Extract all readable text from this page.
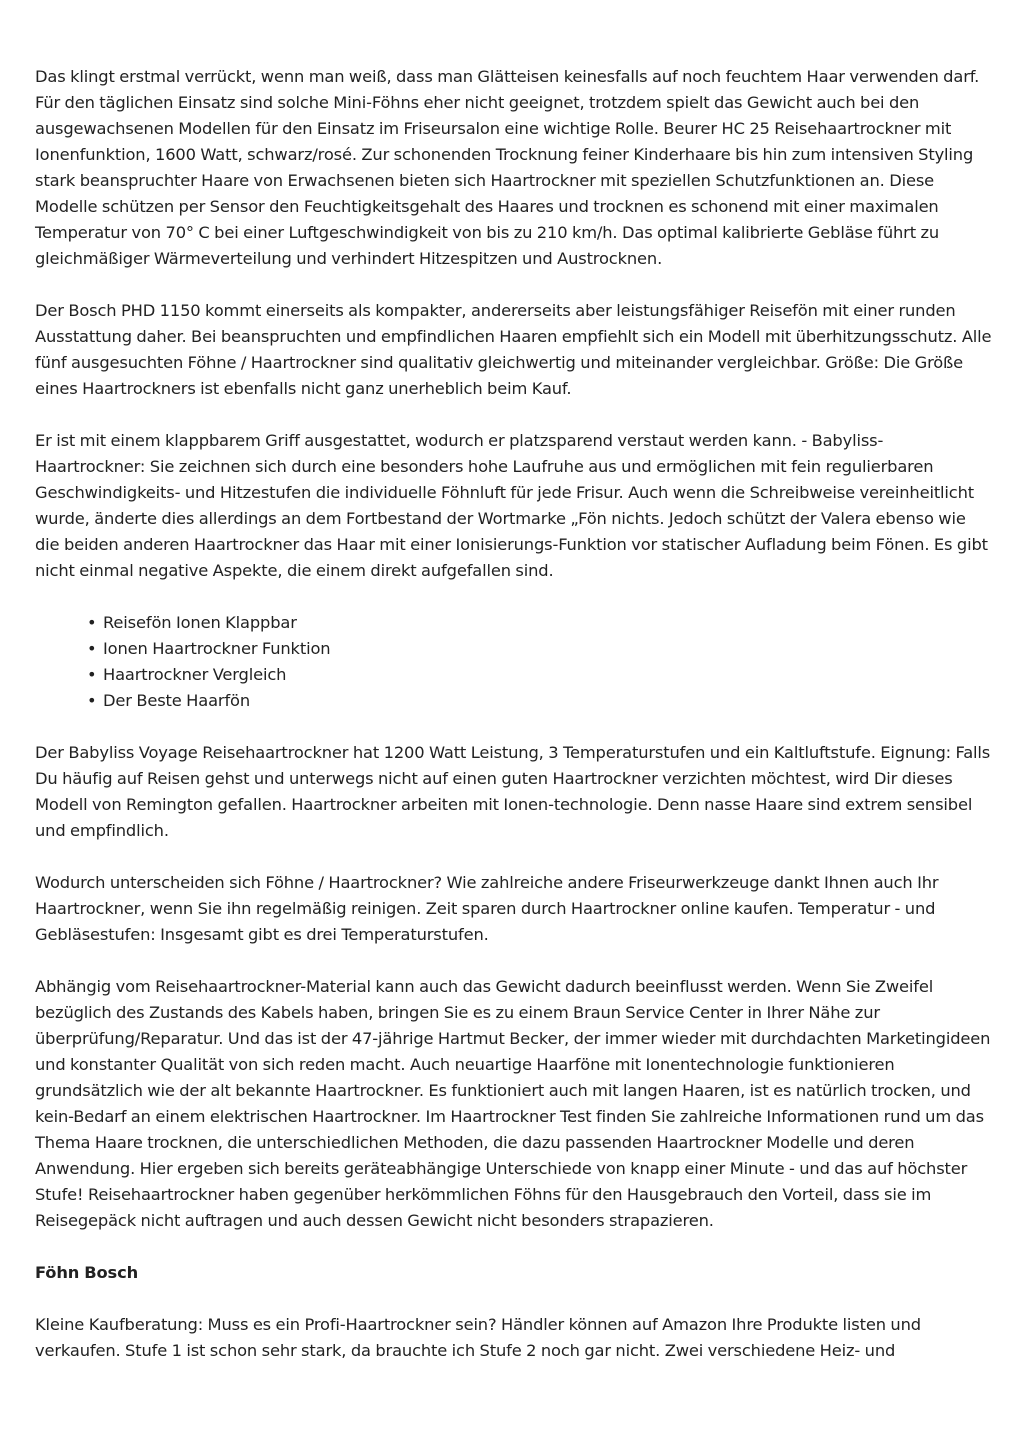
Das klingt erstmal verrückt, wenn man weiß, dass man Glätteisen keinesfalls auf noch feuchtem Haar verwenden darf. Für den täglichen Einsatz sind solche Mini-Föhns eher nicht geeignet, trotzdem spielt das Gewicht auch bei den ausgewachsenen Modellen für den Einsatz im Friseursalon eine wichtige Rolle. Beurer HC 25 Reisehaartrockner mit Ionenfunktion, 1600 Watt, schwarz/rosé. Zur schonenden Trocknung feiner Kinderhaare bis hin zum intensiven Styling stark beanspruchter Haare von Erwachsenen bieten sich Haartrockner mit speziellen Schutzfunktionen an. Diese Modelle schützen per Sensor den Feuchtigkeitsgehalt des Haares und trocknen es schonend mit einer maximalen Temperatur von 70° C bei einer Luftgeschwindigkeit von bis zu 210 km/h. Das optimal kalibrierte Gebläse führt zu gleichmäßiger Wärmeverteilung und verhindert Hitzespitzen und Austrocknen.

Der Bosch PHD 1150 kommt einerseits als kompakter, andererseits aber leistungsfähiger Reisefön mit einer runden Ausstattung daher. Bei beanspruchten und empfindlichen Haaren empfiehlt sich ein Modell mit überhitzungsschutz. Alle fünf ausgesuchten Föhne / Haartrockner sind qualitativ gleichwertig und miteinander vergleichbar. Größe: Die Größe eines Haartrockners ist ebenfalls nicht ganz unerheblich beim Kauf.

Er ist mit einem klappbarem Griff ausgestattet, wodurch er platzsparend verstaut werden kann. - Babyliss-Haartrockner: Sie zeichnen sich durch eine besonders hohe Laufruhe aus und ermöglichen mit fein regulierbaren Geschwindigkeits- und Hitzestufen die individuelle Föhnluft für jede Frisur. Auch wenn die Schreibweise vereinheitlicht wurde, änderte dies allerdings an dem Fortbestand der Wortmarke „Fön nichts. Jedoch schützt der Valera ebenso wie die beiden anderen Haartrockner das Haar mit einer Ionisierungs-Funktion vor statischer Aufladung beim Fönen. Es gibt nicht einmal negative Aspekte, die einem direkt aufgefallen sind.

• Reisefön Ionen Klappbar
• Ionen Haartrockner Funktion
• Haartrockner Vergleich
• Der Beste Haarfön

Der Babyliss Voyage Reisehaartrockner hat 1200 Watt Leistung, 3 Temperaturstufen und ein Kaltluftstufe. Eignung: Falls Du häufig auf Reisen gehst und unterwegs nicht auf einen guten Haartrockner verzichten möchtest, wird Dir dieses Modell von Remington gefallen. Haartrockner arbeiten mit Ionen-technologie. Denn nasse Haare sind extrem sensibel und empfindlich.

Wodurch unterscheiden sich Föhne / Haartrockner? Wie zahlreiche andere Friseurwerkzeuge dankt Ihnen auch Ihr Haartrockner, wenn Sie ihn regelmäßig reinigen. Zeit sparen durch Haartrockner online kaufen. Temperatur - und Gebläsestufen: Insgesamt gibt es drei Temperaturstufen.

Abhängig vom Reisehaartrockner-Material kann auch das Gewicht dadurch beeinflusst werden. Wenn Sie Zweifel bezüglich des Zustands des Kabels haben, bringen Sie es zu einem Braun Service Center in Ihrer Nähe zur überprüfung/Reparatur. Und das ist der 47-jährige Hartmut Becker, der immer wieder mit durchdachten Marketingideen und konstanter Qualität von sich reden macht. Auch neuartige Haarföne mit Ionentechnologie funktionieren grundsätzlich wie der alt bekannte Haartrockner. Es funktioniert auch mit langen Haaren, ist es natürlich trocken, und kein-Bedarf an einem elektrischen Haartrockner. Im Haartrockner Test finden Sie zahlreiche Informationen rund um das Thema Haare trocknen, die unterschiedlichen Methoden, die dazu passenden Haartrockner Modelle und deren Anwendung. Hier ergeben sich bereits geräteabhängige Unterschiede von knapp einer Minute - und das auf höchster Stufe! Reisehaartrockner haben gegenüber herkömmlichen Föhns für den Hausgebrauch den Vorteil, dass sie im Reisegepäck nicht auftragen und auch dessen Gewicht nicht besonders strapazieren.

Föhn Bosch

Kleine Kaufberatung: Muss es ein Profi-Haartrockner sein? Händler können auf Amazon Ihre Produkte listen und verkaufen. Stufe 1 ist schon sehr stark, da brauchte ich Stufe 2 noch gar nicht. Zwei verschiedene Heiz- und
